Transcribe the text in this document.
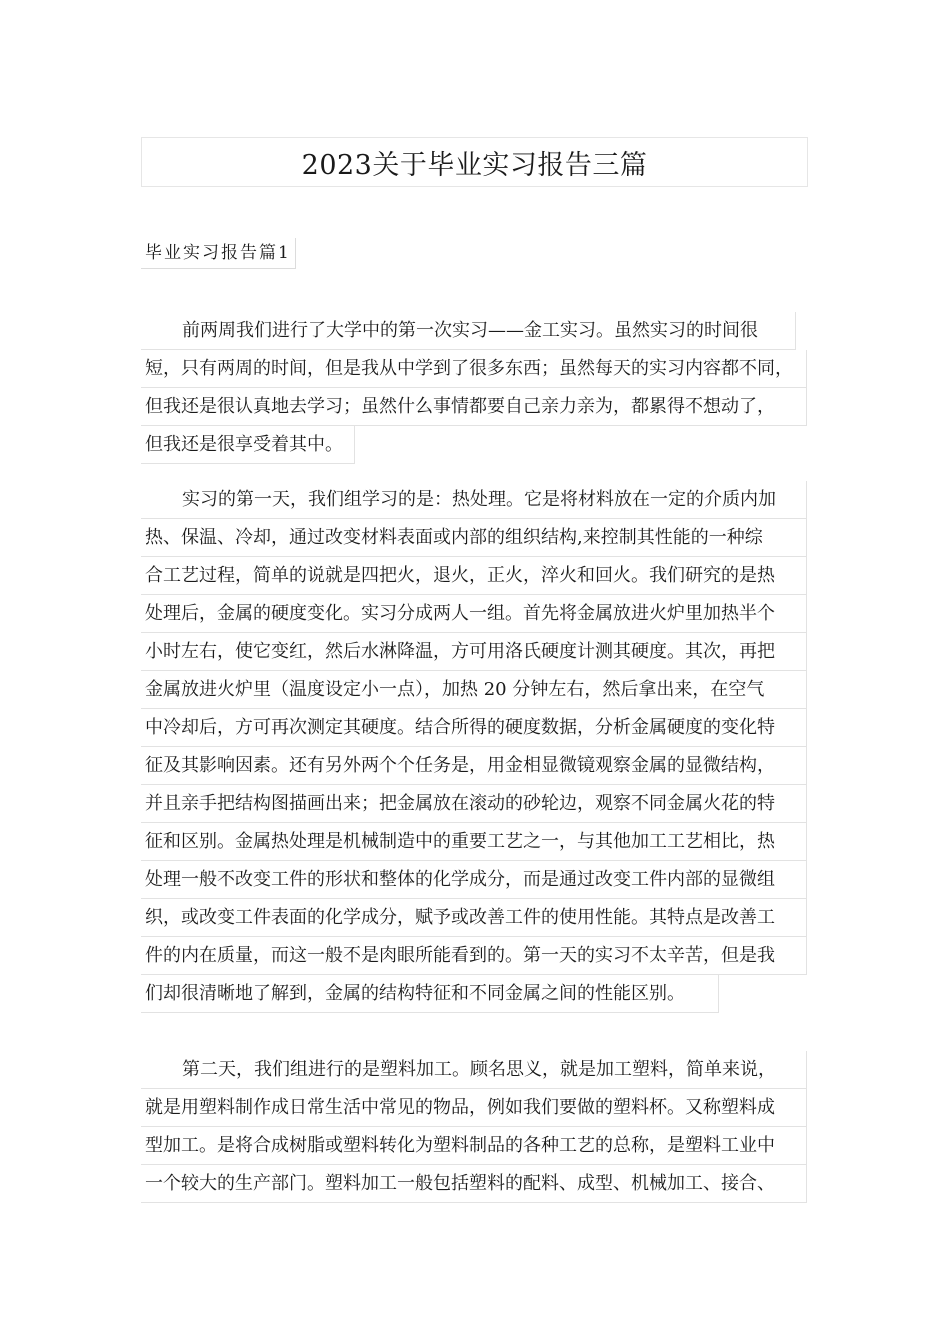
2023关于毕业实习报告三篇
毕业实习报告篇1
前两周我们进行了大学中的第一次实习——金工实习。虽然实习的时间很
短，只有两周的时间，但是我从中学到了很多东西；虽然每天的实习内容都不同，
但我还是很认真地去学习；虽然什么事情都要自己亲力亲为，都累得不想动了，
但我还是很享受着其中。
实习的第一天，我们组学习的是：热处理。它是将材料放在一定的介质内加
热、保温、冷却，通过改变材料表面或内部的组织结构,来控制其性能的一种综
合工艺过程，简单的说就是四把火，退火，正火，淬火和回火。我们研究的是热
处理后，金属的硬度变化。实习分成两人一组。首先将金属放进火炉里加热半个
小时左右，使它变红，然后水淋降温，方可用洛氏硬度计测其硬度。其次，再把
金属放进火炉里（温度设定小一点），加热 20 分钟左右，然后拿出来，在空气
中冷却后，方可再次测定其硬度。结合所得的硬度数据，分析金属硬度的变化特
征及其影响因素。还有另外两个个任务是，用金相显微镜观察金属的显微结构，
并且亲手把结构图描画出来；把金属放在滚动的砂轮边，观察不同金属火花的特
征和区别。金属热处理是机械制造中的重要工艺之一，与其他加工工艺相比，热
处理一般不改变工件的形状和整体的化学成分，而是通过改变工件内部的显微组
织，或改变工件表面的化学成分，赋予或改善工件的使用性能。其特点是改善工
件的内在质量，而这一般不是肉眼所能看到的。第一天的实习不太辛苦，但是我
们却很清晰地了解到，金属的结构特征和不同金属之间的性能区别。
第二天，我们组进行的是塑料加工。顾名思义，就是加工塑料，简单来说，
就是用塑料制作成日常生活中常见的物品，例如我们要做的塑料杯。又称塑料成
型加工。是将合成树脂或塑料转化为塑料制品的各种工艺的总称，是塑料工业中
一个较大的生产部门。塑料加工一般包括塑料的配料、成型、机械加工、接合、
